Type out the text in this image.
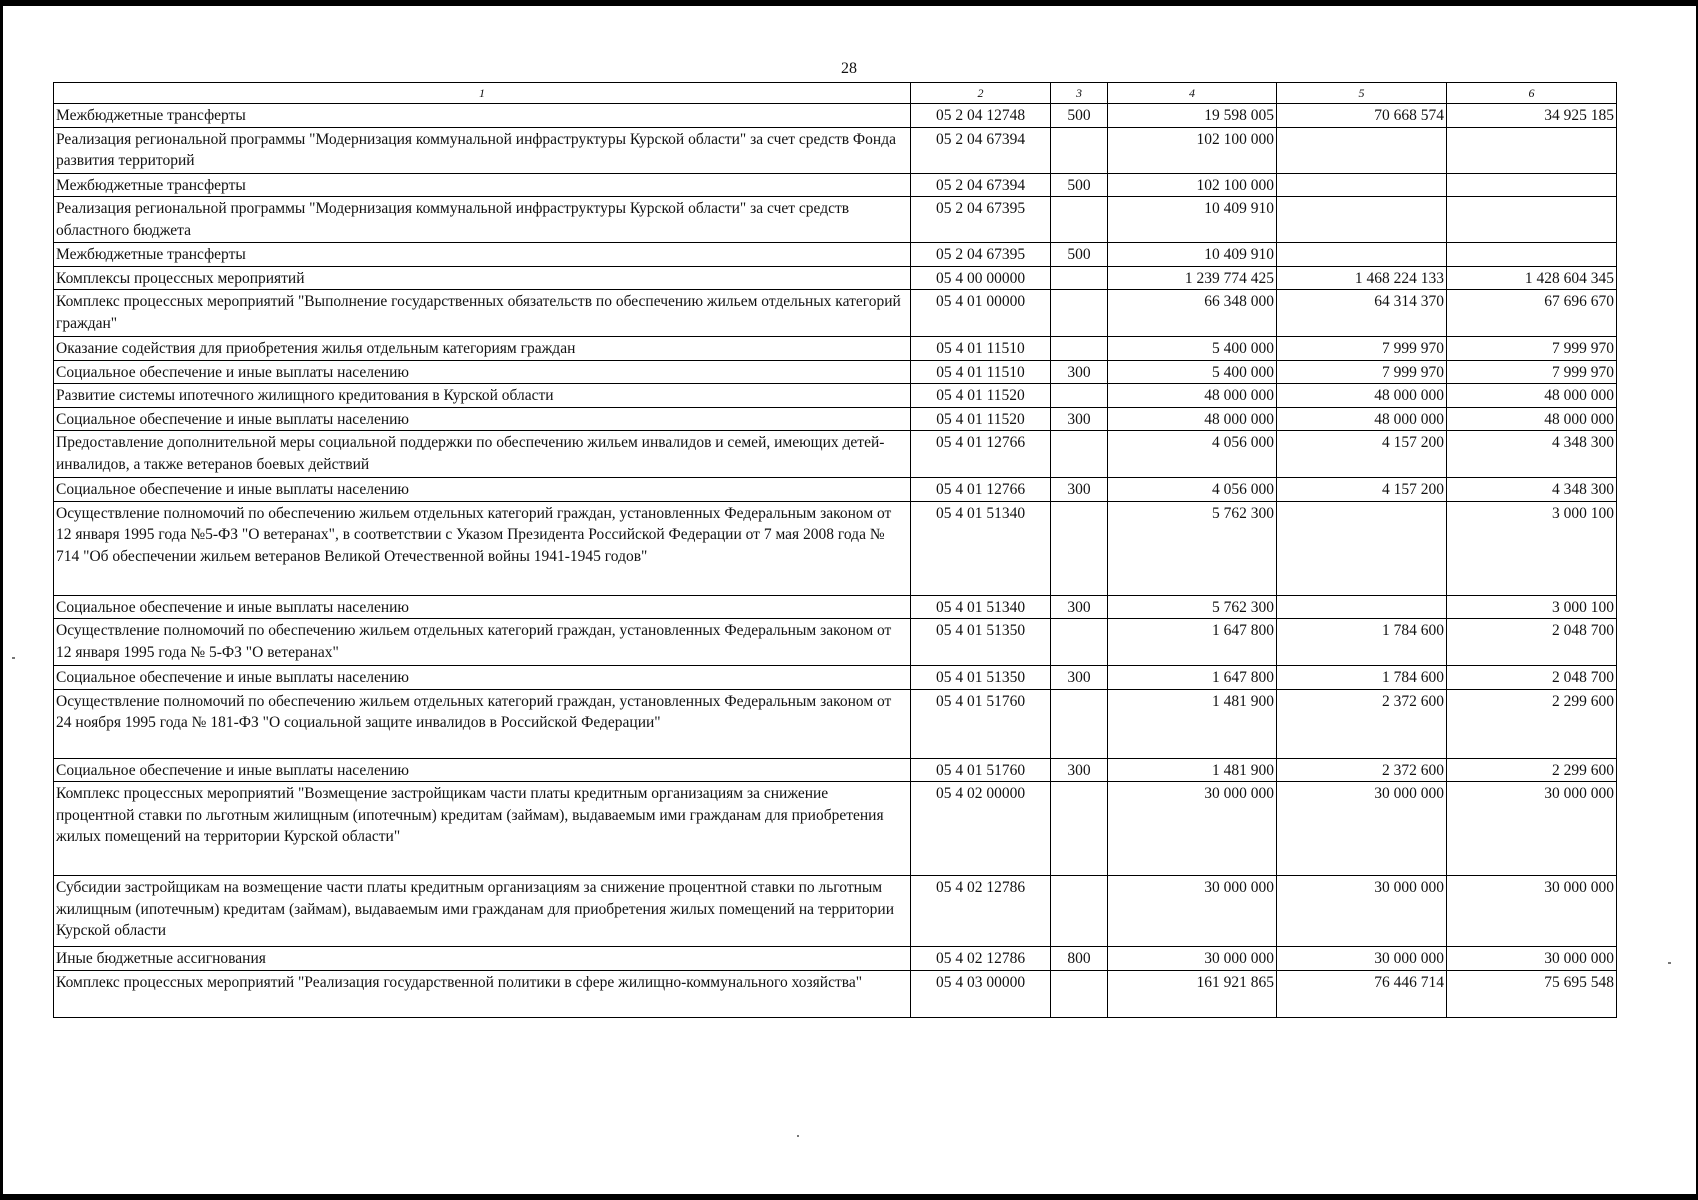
28
1	2	3	4	5	6
Межбюджетные трансферты	05 2 04 12748	500	19 598 005	70 668 574	34 925 185
Реализация региональной программы "Модернизация коммунальной инфраструктуры Курской области" за счет средств Фонда развития территорий	05 2 04 67394		102 100 000		
Межбюджетные трансферты	05 2 04 67394	500	102 100 000		
Реализация региональной программы "Модернизация коммунальной инфраструктуры Курской области" за счет средств областного бюджета	05 2 04 67395		10 409 910		
Межбюджетные трансферты	05 2 04 67395	500	10 409 910		
Комплексы процессных мероприятий	05 4 00 00000		1 239 774 425	1 468 224 133	1 428 604 345
Комплекс процессных мероприятий "Выполнение государственных обязательств по обеспечению жильем отдельных категорий граждан"	05 4 01 00000		66 348 000	64 314 370	67 696 670
Оказание содействия для приобретения жилья отдельным категориям граждан	05 4 01 11510		5 400 000	7 999 970	7 999 970
Социальное обеспечение и иные выплаты населению	05 4 01 11510	300	5 400 000	7 999 970	7 999 970
Развитие системы ипотечного жилищного кредитования в Курской области	05 4 01 11520		48 000 000	48 000 000	48 000 000
Социальное обеспечение и иные выплаты населению	05 4 01 11520	300	48 000 000	48 000 000	48 000 000
Предоставление дополнительной меры социальной поддержки по обеспечению жильем инвалидов и семей, имеющих детей-инвалидов, а также ветеранов боевых действий	05 4 01 12766		4 056 000	4 157 200	4 348 300
Социальное обеспечение и иные выплаты населению	05 4 01 12766	300	4 056 000	4 157 200	4 348 300
Осуществление полномочий по обеспечению жильем отдельных категорий граждан, установленных Федеральным законом от 12 января 1995 года №5-ФЗ "О ветеранах", в соответствии с Указом Президента Российской Федерации от 7 мая 2008 года № 714 "Об обеспечении жильем ветеранов Великой Отечественной войны 1941-1945 годов"	05 4 01 51340		5 762 300		3 000 100
Социальное обеспечение и иные выплаты населению	05 4 01 51340	300	5 762 300		3 000 100
Осуществление полномочий по обеспечению жильем отдельных категорий граждан, установленных Федеральным законом от 12 января 1995 года № 5-ФЗ "О ветеранах"	05 4 01 51350		1 647 800	1 784 600	2 048 700
Социальное обеспечение и иные выплаты населению	05 4 01 51350	300	1 647 800	1 784 600	2 048 700
Осуществление полномочий по обеспечению жильем отдельных категорий граждан, установленных Федеральным законом от 24 ноября 1995 года № 181-ФЗ "О социальной защите инвалидов в Российской Федерации"	05 4 01 51760		1 481 900	2 372 600	2 299 600
Социальное обеспечение и иные выплаты населению	05 4 01 51760	300	1 481 900	2 372 600	2 299 600
Комплекс процессных мероприятий "Возмещение застройщикам части платы кредитным организациям за снижение процентной ставки по льготным жилищным (ипотечным) кредитам (займам), выдаваемым ими гражданам для приобретения жилых помещений на территории Курской области"	05 4 02 00000		30 000 000	30 000 000	30 000 000
Субсидии застройщикам на возмещение части платы кредитным организациям за снижение процентной ставки по льготным жилищным (ипотечным) кредитам (займам), выдаваемым ими гражданам для приобретения жилых помещений на территории Курской области	05 4 02 12786		30 000 000	30 000 000	30 000 000
Иные бюджетные ассигнования	05 4 02 12786	800	30 000 000	30 000 000	30 000 000
Комплекс процессных мероприятий "Реализация государственной политики в сфере жилищно-коммунального хозяйства"	05 4 03 00000		161 921 865	76 446 714	75 695 548
